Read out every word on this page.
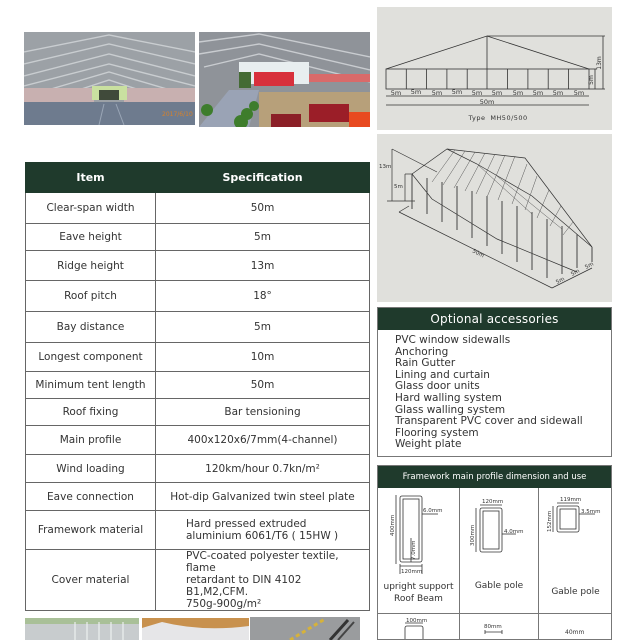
2017/6/10
5m 5m 5m 5m 5m 5m 5m 5m 5m 5m
50m
Type MH50/500
13m
5m
13m
5m
50m
5m
5m
5m
Item	Specification
Clear-span width	50m
Eave height	5m
Ridge height	13m
Roof pitch	18°
Bay distance	5m
Longest component	10m
Minimum tent length	50m
Roof fixing	Bar tensioning
Main profile	400x120x6/7mm(4-channel)
Wind loading	120km/hour 0.7kn/m²
Eave connection	Hot-dip Galvanized twin steel plate
Framework material	Hard pressed extruded
aluminium 6061/T6 ( 15HW )

Cover material	PVC-coated polyester textile, flame
retardant to DIN 4102 B1,M2,CFM.
750g-900g/m²
Optional accessories
PVC window sidewalls
Anchoring
Rain Gutter
Lining and curtain
Glass door units
Hard walling system
Glass walling system
Transparent PVC cover and sidewall
Flooring system
Weight plate
Framework main profile dimension and use
400mm
6.0mm
7.0mm
120mm
upright support
Roof Beam
300mm
120mm
4.0mm
Gable pole
152mm
119mm
3.5mm
Gable pole
100mm
80mm
40mm
